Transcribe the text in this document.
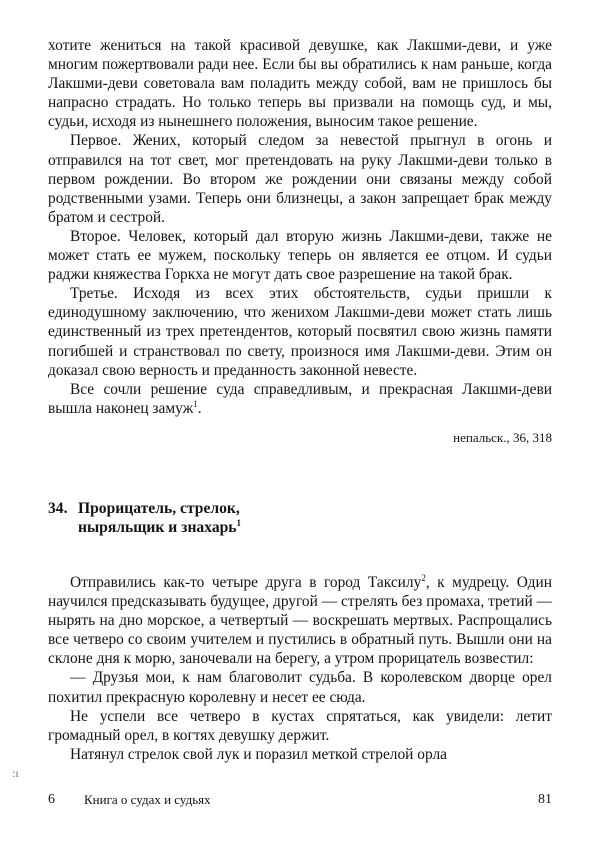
хотите жениться на такой красивой девушке, как Лакшми-деви, и уже многим пожертвовали ради нее. Если бы вы обратились к нам раньше, когда Лакшми-деви советовала вам поладить между собой, вам не пришлось бы напрасно страдать. Но только теперь вы призвали на помощь суд, и мы, судьи, исходя из нынешнего положения, выносим такое решение.

Первое. Жених, который следом за невестой прыгнул в огонь и отправился на тот свет, мог претендовать на руку Лакшми-деви только в первом рождении. Во втором же рождении они связаны между собой родственными узами. Теперь они близнецы, а закон запрещает брак между братом и сестрой.

Второе. Человек, который дал вторую жизнь Лакшми-деви, также не может стать ее мужем, поскольку теперь он является ее отцом. И судьи раджи княжества Горкха не могут дать свое разрешение на такой брак.

Третье. Исходя из всех этих обстоятельств, судьи пришли к единодушному заключению, что женихом Лакшми-деви может стать лишь единственный из трех претендентов, который посвятил свою жизнь памяти погибшей и странствовал по свету, произнося имя Лакшми-деви. Этим он доказал свою верность и преданность законной невесте.

Все сочли решение суда справедливым, и прекрасная Лакшми-деви вышла наконец замуж$^1$.

непальск., 36, 318
34. Прорицатель, стрелок,
ныряльщик и знахарь$^1$

Отправились как-то четыре друга в город Таксилу$^2$, к мудрецу. Один научился предсказывать будущее, другой — стрелять без промаха, третий — нырять на дно морское, а четвертый — воскрешать мертвых. Распрощались все четверо со своим учителем и пустились в обратный путь. Вышли они на склоне дня к морю, заночевали на берегу, а утром прорицатель возвестил:

— Друзья мои, к нам благоволит судьба. В королевском дворце орел похитил прекрасную королевну и несет ее сюда.

Не успели все четверо в кустах спрятаться, как увидели: летит громадный орел, в когтях девушку держит.

Натянул стрелок свой лук и поразил меткой стрелой орла

:ı
6 Книга о судах и судьях	81
